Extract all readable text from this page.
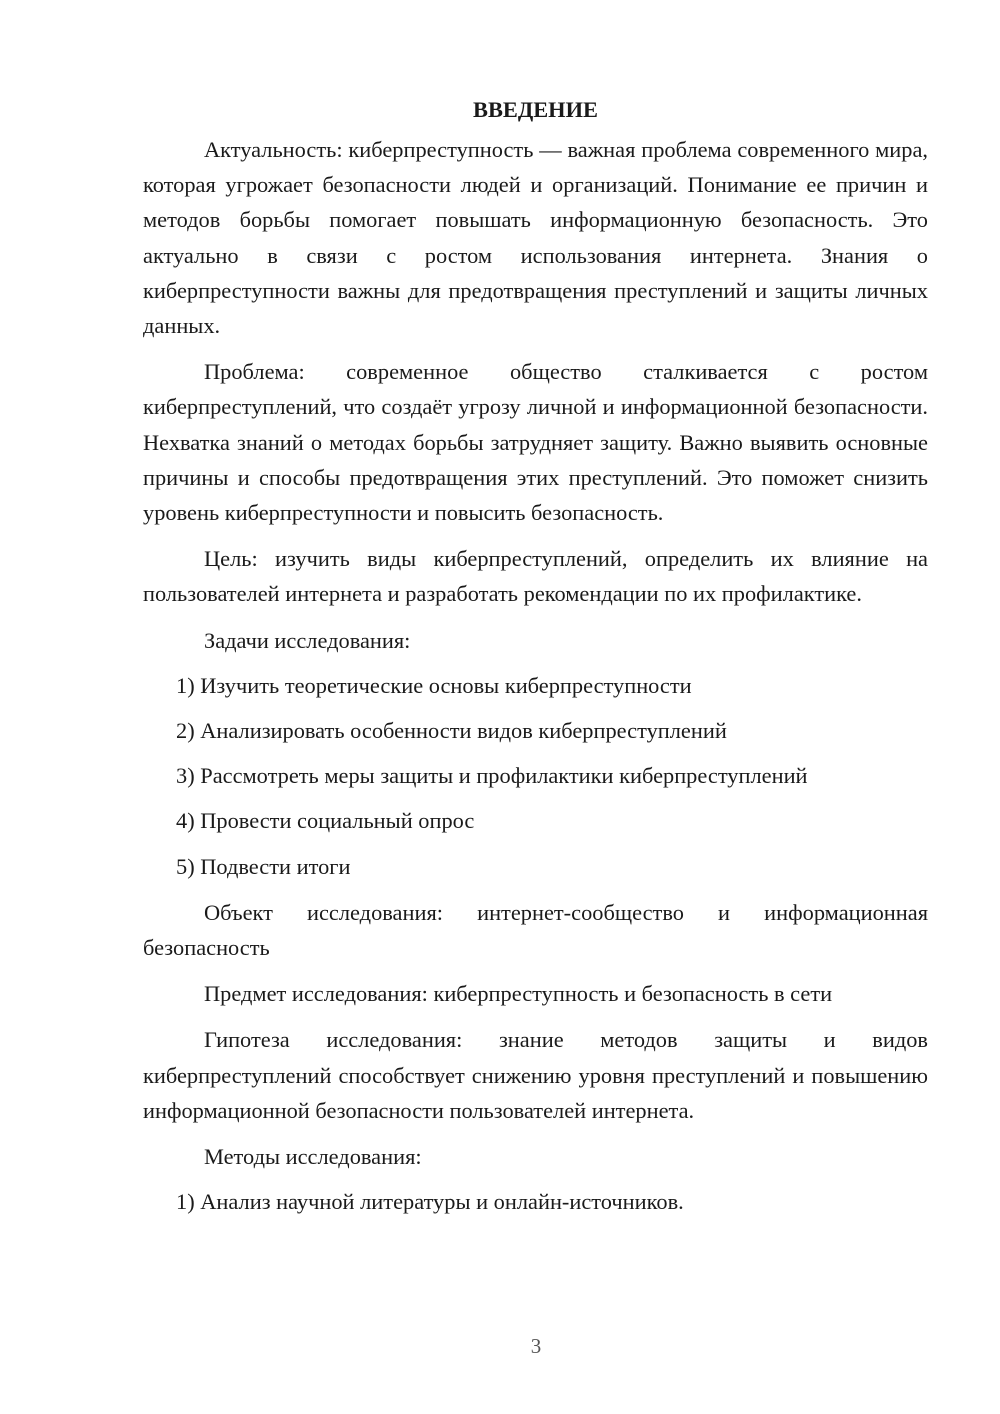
ВВЕДЕНИЕ

Актуальность: киберпреступность — важная проблема современного мира, которая угрожает безопасности людей и организаций. Понимание ее причин и методов борьбы помогает повышать информационную безопасность. Это актуально в связи с ростом использования интернета. Знания о киберпреступности важны для предотвращения преступлений и защиты личных данных.

Проблема: современное общество сталкивается с ростом киберпреступлений, что создаёт угрозу личной и информационной безопасности. Нехватка знаний о методах борьбы затрудняет защиту. Важно выявить основные причины и способы предотвращения этих преступлений. Это поможет снизить уровень киберпреступности и повысить безопасность.

Цель: изучить виды киберпреступлений, определить их влияние на пользователей интернета и разработать рекомендации по их профилактике.

Задачи исследования:

1) Изучить теоретические основы киберпреступности

2) Анализировать особенности видов киберпреступлений

3) Рассмотреть меры защиты и профилактики киберпреступлений

4) Провести социальный опрос

5) Подвести итоги

Объект исследования: интернет-сообщество и информационная безопасность

Предмет исследования: киберпреступность и безопасность в сети

Гипотеза исследования: знание методов защиты и видов киберпреступлений способствует снижению уровня преступлений и повышению информационной безопасности пользователей интернета.

Методы исследования:

1) Анализ научной литературы и онлайн-источников.

3
